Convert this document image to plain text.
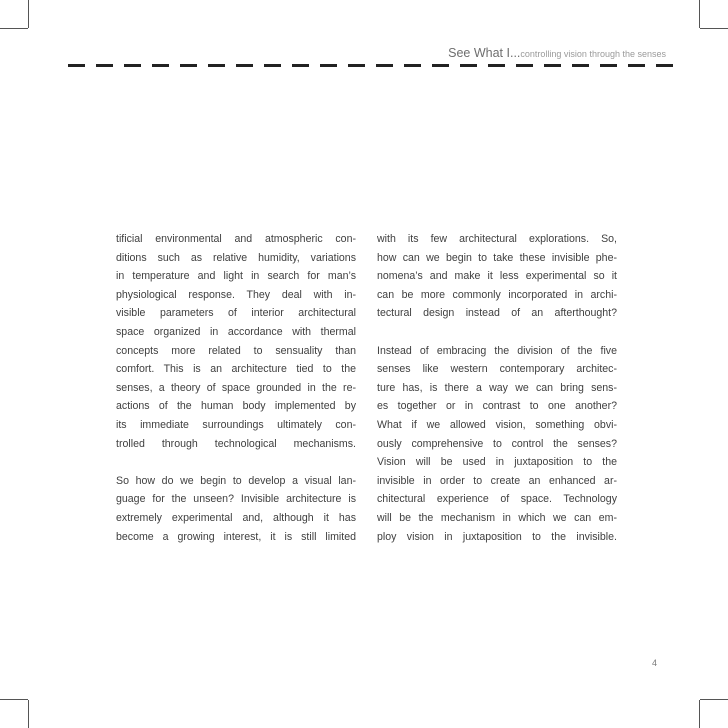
See What I...controlling vision through the senses
tificial environmental and atmospheric con-
ditions such as relative humidity, variations
in temperature and light in search for man’s
physiological response. They deal with in-
visible parameters of interior architectural
space organized in accordance with thermal
concepts more related to sensuality than
comfort. This is an architecture tied to the
senses, a theory of space grounded in the re-
actions of the human body implemented by
its immediate surroundings ultimately con-
trolled through technological mechanisms.
So how do we begin to develop a visual lan-
guage for the unseen? Invisible architecture is
extremely experimental and, although it has
become a growing interest, it is still limited
with its few architectural explorations. So,
how can we begin to take these invisible phe-
nomena’s and make it less experimental so it
can be more commonly incorporated in archi-
tectural design instead of an afterthought?
Instead of embracing the division of the five
senses like western contemporary architec-
ture has, is there a way we can bring sens-
es together or in contrast to one another?
What if we allowed vision, something obvi-
ously comprehensive to control the senses?
Vision will be used in juxtaposition to the
invisible in order to create an enhanced ar-
chitectural experience of space. Technology
will be the mechanism in which we can em-
ploy vision in juxtaposition to the invisible.
4
